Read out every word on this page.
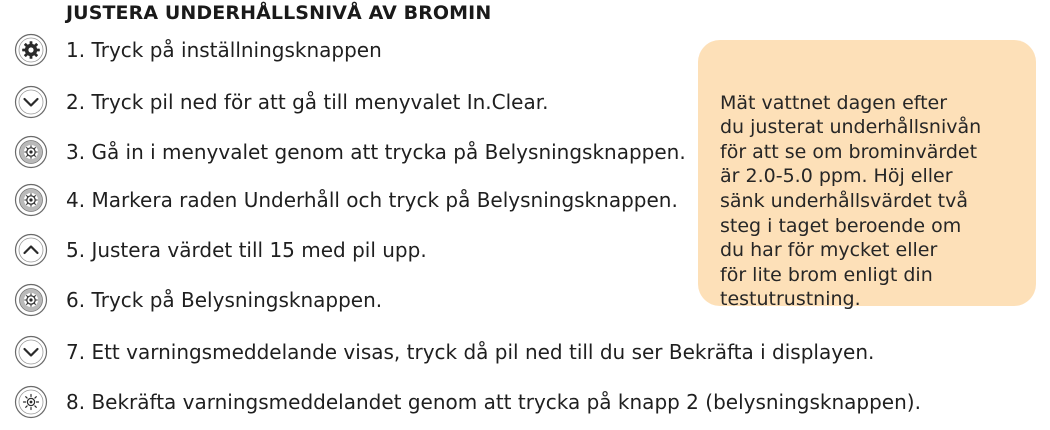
JUSTERA UNDERHÅLLSNIVÅ AV BROMIN
1. Tryck på inställningsknappen
2. Tryck pil ned för att gå till menyvalet In.Clear.
3. Gå in i menyvalet genom att trycka på Belysningsknappen.
4. Markera raden Underhåll och tryck på Belysningsknappen.
5. Justera värdet till 15 med pil upp.
6. Tryck på Belysningsknappen.
7. Ett varningsmeddelande visas, tryck då pil ned till du ser Bekräfta i displayen.
8. Bekräfta varningsmeddelandet genom att trycka på knapp 2 (belysningsknappen).

Mät vattnet dagen efter
du justerat underhållsnivån
för att se om brominvärdet
är 2.0-5.0 ppm. Höj eller
sänk underhållsvärdet två
steg i taget beroende om
du har för mycket eller
för lite brom enligt din
testutrustning.
